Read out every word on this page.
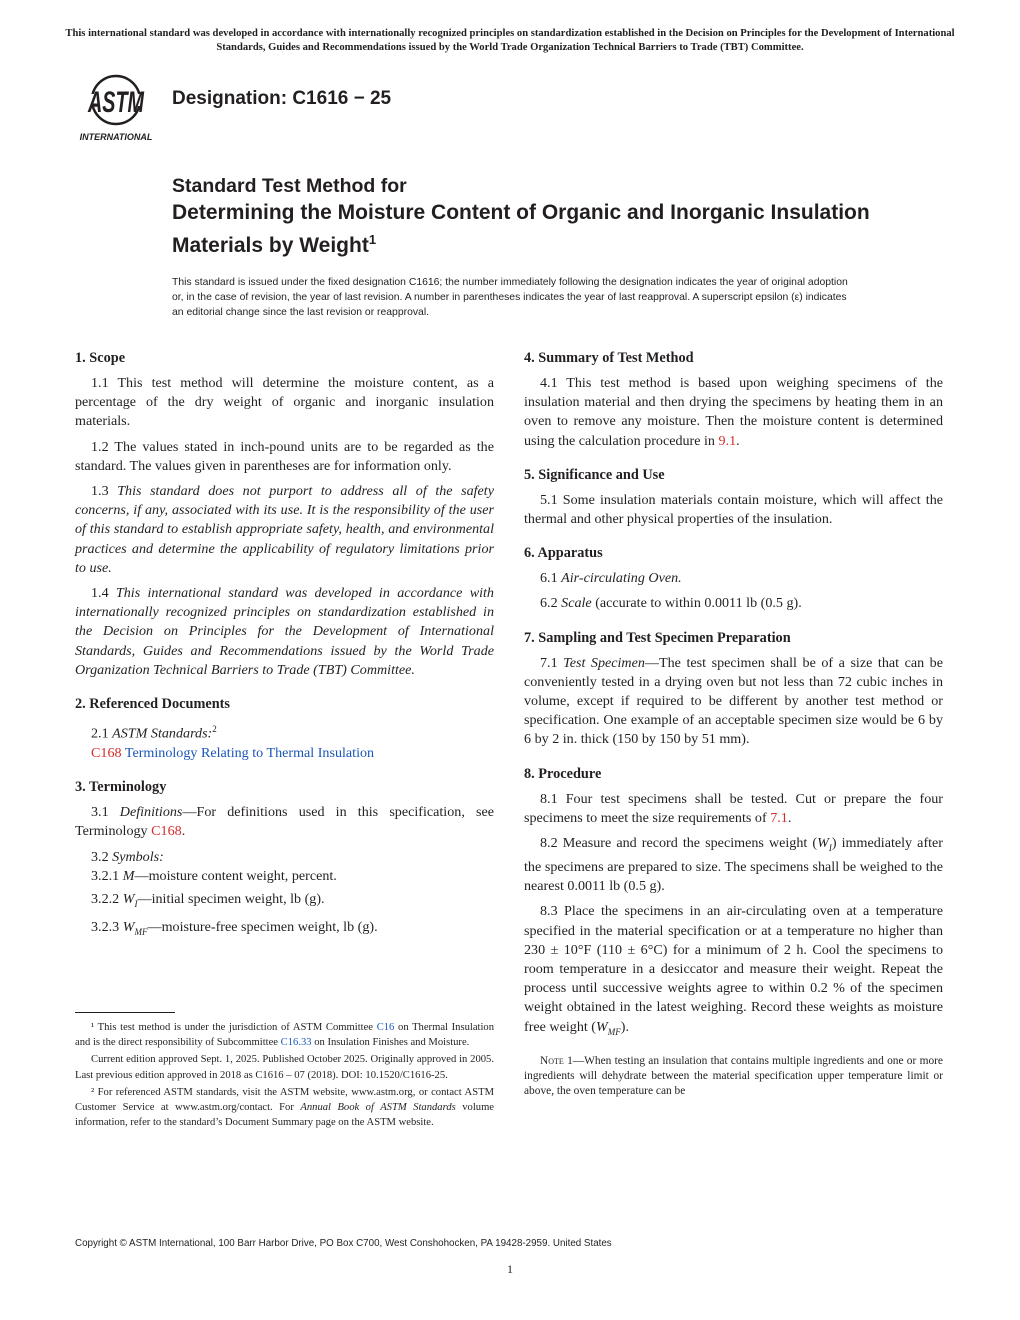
This international standard was developed in accordance with internationally recognized principles on standardization established in the Decision on Principles for the Development of International Standards, Guides and Recommendations issued by the World Trade Organization Technical Barriers to Trade (TBT) Committee.
ASTM
INTERNATIONAL
Designation: C1616 − 25
Standard Test Method for
Determining the Moisture Content of Organic and Inorganic Insulation Materials by Weight$^1$
This standard is issued under the fixed designation C1616; the number immediately following the designation indicates the year of original adoption or, in the case of revision, the year of last revision. A number in parentheses indicates the year of last reapproval. A superscript epsilon (ε) indicates an editorial change since the last revision or reapproval.
1. Scope

1.1 This test method will determine the moisture content, as a percentage of the dry weight of organic and inorganic insulation materials.

1.2 The values stated in inch-pound units are to be regarded as the standard. The values given in parentheses are for information only.

1.3 This standard does not purport to address all of the safety concerns, if any, associated with its use. It is the responsibility of the user of this standard to establish appropriate safety, health, and environmental practices and determine the applicability of regulatory limitations prior to use.

1.4 This international standard was developed in accordance with internationally recognized principles on standardization established in the Decision on Principles for the Development of International Standards, Guides and Recommendations issued by the World Trade Organization Technical Barriers to Trade (TBT) Committee.

2. Referenced Documents

2.1 ASTM Standards:$^2$

C168 Terminology Relating to Thermal Insulation

3. Terminology

3.1 Definitions—For definitions used in this specification, see Terminology C168.

3.2 Symbols:

3.2.1 M—moisture content weight, percent.

3.2.2 $W_I—initial$ specimen weight, lb (g).

3.2.3 $W_{MF}—moisture$-free specimen weight, lb (g).

¹ This test method is under the jurisdiction of ASTM Committee C16 on Thermal Insulation and is the direct responsibility of Subcommittee C16.33 on Insulation Finishes and Moisture.

Current edition approved Sept. 1, 2025. Published October 2025. Originally approved in 2005. Last previous edition approved in 2018 as C1616 – 07 (2018). DOI: 10.1520/C1616-25.

² For referenced ASTM standards, visit the ASTM website, www.astm.org, or contact ASTM Customer Service at www.astm.org/contact. For Annual Book of ASTM Standards volume information, refer to the standard’s Document Summary page on the ASTM website.

4. Summary of Test Method

4.1 This test method is based upon weighing specimens of the insulation material and then drying the specimens by heating them in an oven to remove any moisture. Then the moisture content is determined using the calculation procedure in 9.1.

5. Significance and Use

5.1 Some insulation materials contain moisture, which will affect the thermal and other physical properties of the insulation.

6. Apparatus

6.1 Air-circulating Oven.

6.2 Scale (accurate to within 0.0011 lb (0.5 g).

7. Sampling and Test Specimen Preparation

7.1 Test Specimen—The test specimen shall be of a size that can be conveniently tested in a drying oven but not less than 72 cubic inches in volume, except if required to be different by another test method or specification. One example of an acceptable specimen size would be 6 by 6 by 2 in. thick (150 by 150 by 51 mm).

8. Procedure

8.1 Four test specimens shall be tested. Cut or prepare the four specimens to meet the size requirements of 7.1.

8.2 Measure and record the specimens weight $(W_I)$ immediately after the specimens are prepared to size. The specimens shall be weighed to the nearest 0.0011 lb (0.5 g).

8.3 Place the specimens in an air-circulating oven at a temperature specified in the material specification or at a temperature no higher than 230 ± 10°F (110 ± 6°C) for a minimum of 2 h. Cool the specimens to room temperature in a desiccator and measure their weight. Repeat the process until successive weights agree to within 0.2 % of the specimen weight obtained in the latest weighing. Record these weights as moisture free weight $(W_{MF})$.

Note 1—When testing an insulation that contains multiple ingredients and one or more ingredients will dehydrate between the material specification upper temperature limit or above, the oven temperature can be

Copyright © ASTM International, 100 Barr Harbor Drive, PO Box C700, West Conshohocken, PA 19428-2959. United States
1
